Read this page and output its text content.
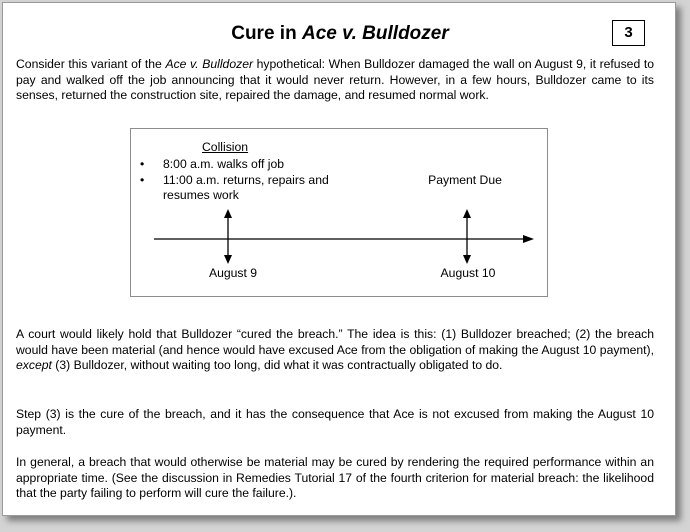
Cure in Ace v. Bulldozer	3

Consider this variant of the Ace v. Bulldozer hypothetical: When Bulldozer damaged the wall on August 9, it refused to pay and walked off the job announcing that it would never return. However, in a few hours, Bulldozer came to its senses, returned the construction site, repaired the damage, and resumed normal work.

Collision
• 8:00 a.m. walks off job
• 11:00 a.m. returns, repairs and resumes work
Payment Due
August 9	August 10

A court would likely hold that Bulldozer “cured the breach.” The idea is this: (1) Bulldozer breached; (2) the breach would have been material (and hence would have excused Ace from the obligation of making the August 10 payment), except (3) Bulldozer, without waiting too long, did what it was contractually obligated to do.

Step (3) is the cure of the breach, and it has the consequence that Ace is not excused from making the August 10 payment.

In general, a breach that would otherwise be material may be cured by rendering the required performance within an appropriate time. (See the discussion in Remedies Tutorial 17 of the fourth criterion for material breach: the likelihood that the party failing to perform will cure the failure.).
